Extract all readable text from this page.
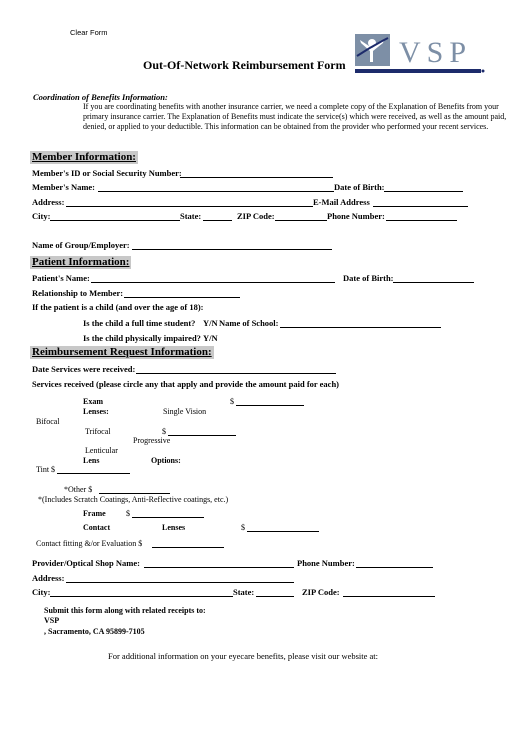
Clear Form
Out-Of-Network Reimbursement Form VSP
Coordination of Benefits Information:
If you are coordinating benefits with another insurance carrier, we need a complete copy of the Explanation of Benefits from your
primary insurance carrier. The Explanation of Benefits must indicate the service(s) which were received, as well as the amount paid,
denied, or applied to your deductible. This information can be obtained from the provider who performed your recent services.
Member Information:
Member's ID or Social Security Number:
Member's Name:	Date of Birth:
Address:	E-Mail Address
City:	State:	ZIP Code:	Phone Number:
Name of Group/Employer:
Patient Information:
Patient's Name:	Date of Birth:
Relationship to Member:
If the patient is a child (and over the age of 18):
Is the child a full time student? Y/N Name of School:
Is the child physically impaired? Y/N
Reimbursement Request Information:
Date Services were received:
Services received (please circle any that apply and provide the amount paid for each)
Exam	$
Lenses:	Single Vision
Bifocal
Trifocal	$
Progressive
Lenticular
Lens	Options:
Tint $
*Other $
*(Includes Scratch Coatings, Anti-Reflective coatings, etc.)
Frame	$
Contact	Lenses	$
Contact fitting &/or Evaluation $
Provider/Optical Shop Name:	Phone Number:
Address:
City:	State:	ZIP Code:
Submit this form along with related receipts to:
VSP
, Sacramento, CA 95899-7105
For additional information on your eyecare benefits, please visit our website at:
